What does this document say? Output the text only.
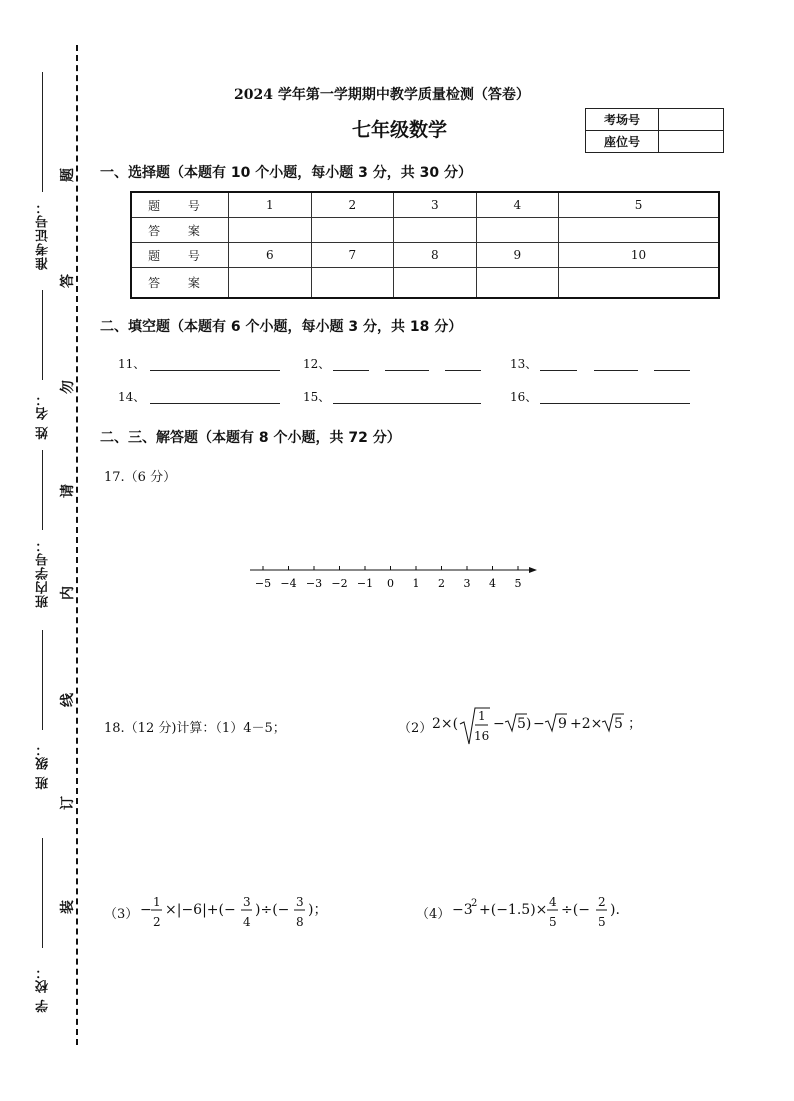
学 校：
班 级：
班内学号：
姓 名：
准考证号：
装
订
线
内
请
勿
答
题
2024 学年第一学期期中教学质量检测（答卷）
七年级数学	考场号	
座位号	
一、选择题（本题有 10 个小题，每小题 3 分，共 30 分）
题 号	1	2	3	4	5
答 案					
题 号	6	7	8	9	10
答 案					
二、填空题（本题有 6 个小题，每小题 3 分，共 18 分）
11、	12、	13、
14、	15、	16、
二、三、解答题（本题有 8 个小题，共 72 分）
17.（6 分）
−5 −4 −3 −2 −1 0 1 2 3 4 5
18.（12 分)计算：（1）4－5；	（2） 2×( 1
16
− 5) − 9 +2× 5 ；
（3） − 1
2
×|−6|+(− 3
4
)÷(− 3
8
)；	（4） −3
2 +(−1.5)× 4
5
÷(− 2
5
).
